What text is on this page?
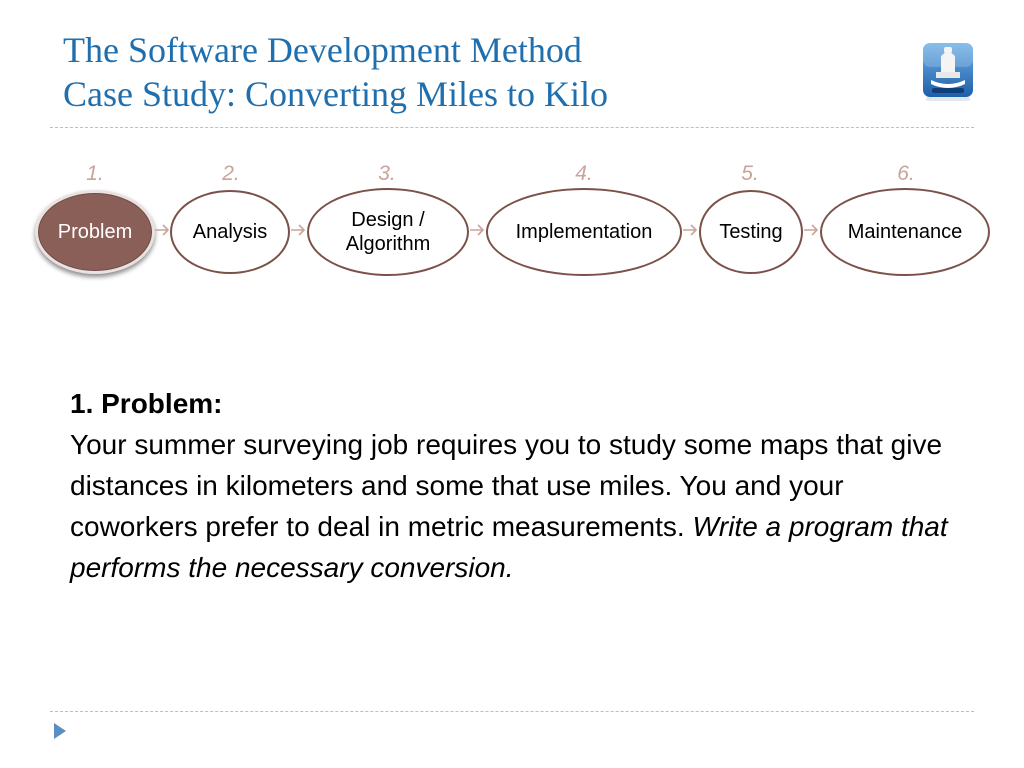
The Software Development Method
Case Study: Converting Miles to Kilo
1.	2.	3.	4.	5.	6.
Problem	Analysis
Design /
Algorithm
Implementation	Testing	Maintenance
1. Problem:
Your summer surveying job requires you to study some maps that give distances in kilometers and some that use miles. You and your coworkers prefer to deal in metric measurements. Write a program that performs the necessary conversion.
